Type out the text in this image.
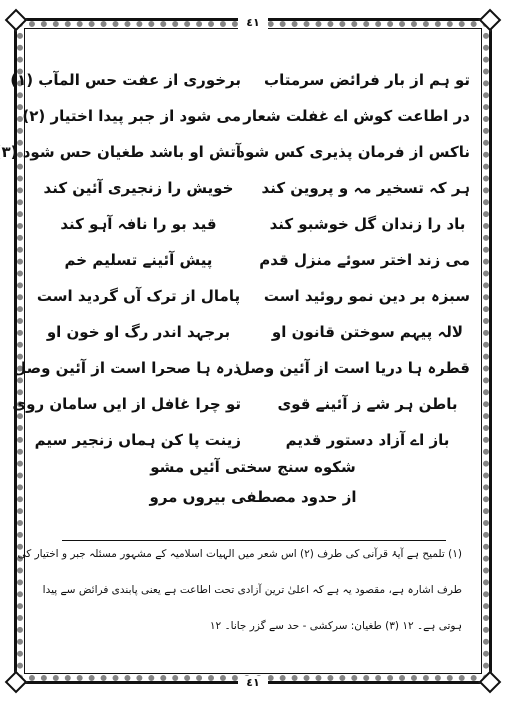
٤١
٤١
تو ہم از بار فرائض سرمتاب
برخوری از عفت حس المآب (١)
در اطاعت کوش اے غفلت شعار
می شود از جبر پیدا اختیار (٢)
ناکس از فرمان پذیری کس شود
آتش او باشد طغیان حس شود (٣
ہر کہ تسخیر مہ و پروین کند
خویش را زنجیری آئین کند
باد را زندان گل خوشبو کند
قید بو را نافہ آہو کند
می زند اختر سوئے منزل قدم
پیش آئینے تسلیم خم
سبزہ بر دین نمو روئید است
پامال از ترک آں گردید است
لالہ پیہم سوختن قانون او
برجہد اندر رگ او خون او
قطرہ ہا دریا است از آئین وصل
ذرہ ہا صحرا است از آئین وصل
باطن ہر شے ز آئینے قوی
تو چرا غافل از ایں سامان روی
باز اے آزاد دستور قدیم
زینت پا کن ہماں زنجیر سیم
شکوه سنج سختی آئیں مشو
از حدود مصطفی بیروں مرو
(١) تلمیح ہے آیۂ قرآنی کی طرف (٢) اس شعر میں الہیات اسلامیہ کے مشہور مسئلہ جبر و اختیار کی
طرف اشارہ ہے، مقصود یہ ہے کہ اعلیٰ ترین آزادی تحت اطاعت ہے یعنی پابندی فرائض سے پیدا
ہوتی ہے۔ ١٢ (٣) طغیان: سرکشی - حد سے گزر جانا۔ ١٢
